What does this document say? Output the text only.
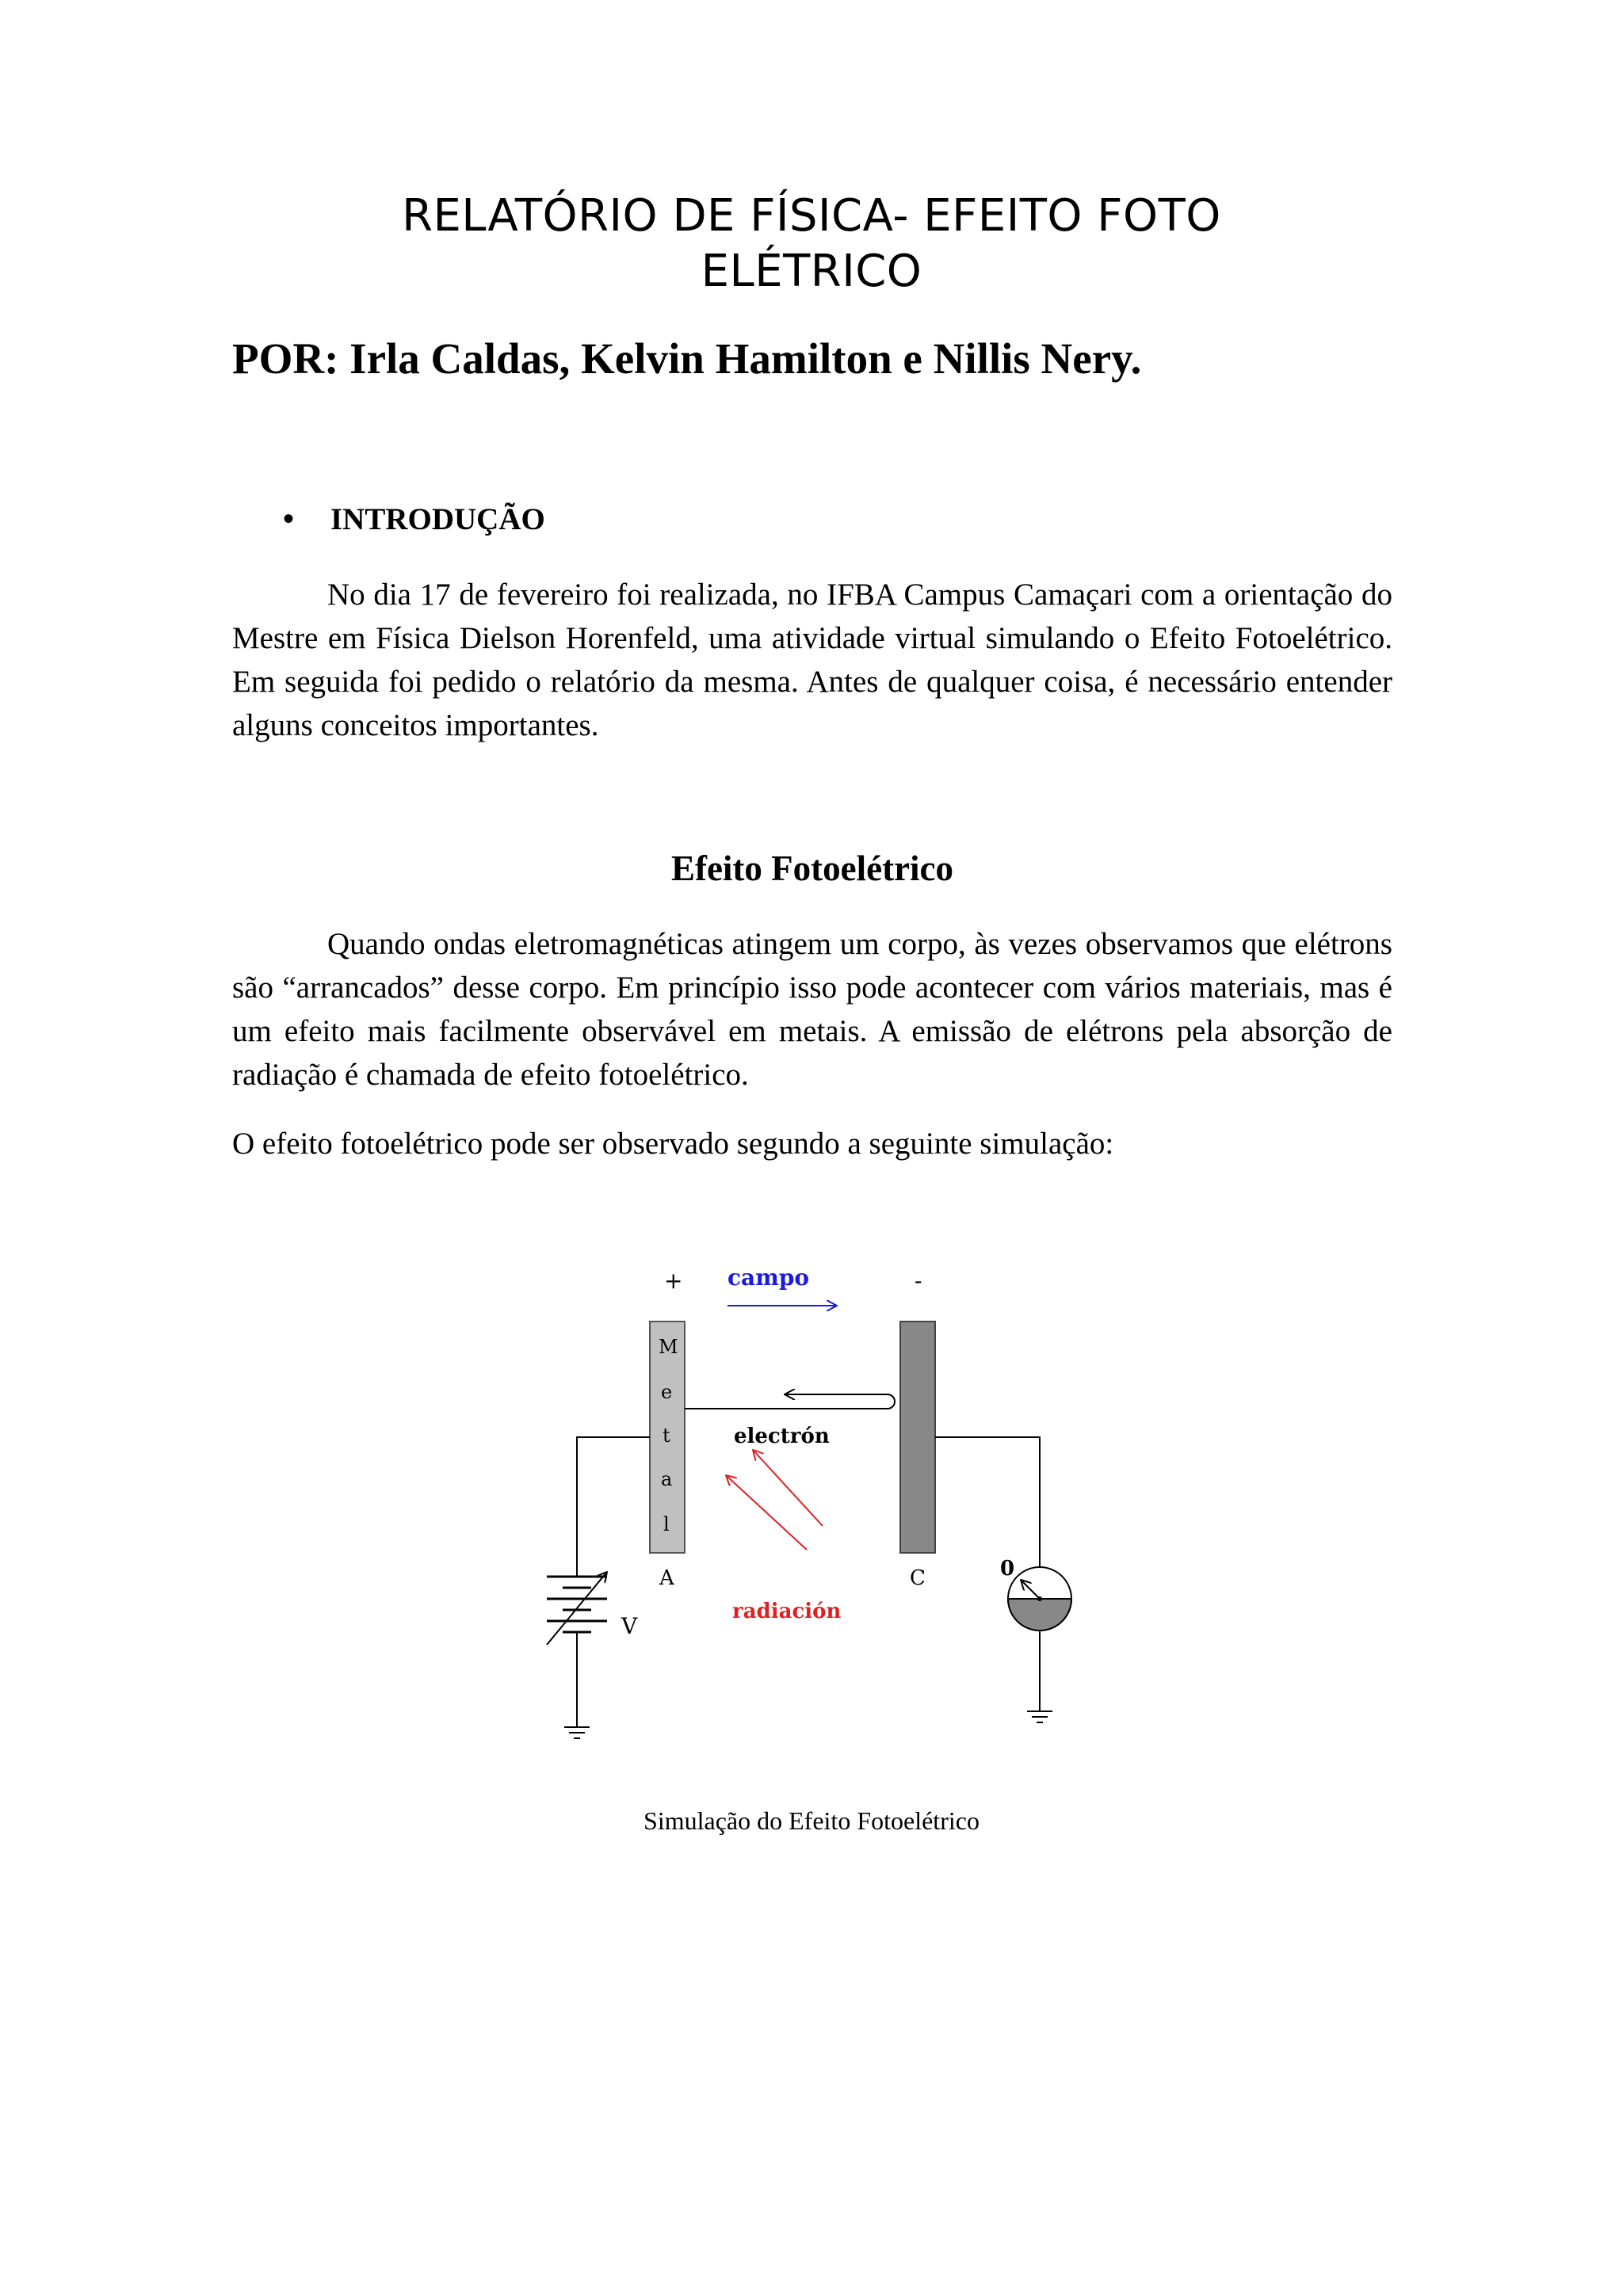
RELATÓRIO DE FÍSICA- EFEITO FOTO
ELÉTRICO
POR: Irla Caldas, Kelvin Hamilton e Nillis Nery.
• INTRODUÇÃO

No dia 17 de fevereiro foi realizada, no IFBA Campus Camaçari com a orientação do Mestre em Física Dielson Horenfeld, uma atividade virtual simulando o Efeito Fotoelétrico. Em seguida foi pedido o relatório da mesma. Antes de qualquer coisa, é necessário entender alguns conceitos importantes.

Efeito Fotoelétrico

Quando ondas eletromagnéticas atingem um corpo, às vezes observamos que elétrons são “arrancados” desse corpo. Em princípio isso pode acontecer com vários materiais, mas é um efeito mais facilmente observável em metais. A emissão de elétrons pela absorção de radiação é chamada de efeito fotoelétrico.

O efeito fotoelétrico pode ser observado segundo a seguinte simulação:

+	-
campo
M
e
t
a
l
electrón
radiación
A	C
V
0
Simulação do Efeito Fotoelétrico
